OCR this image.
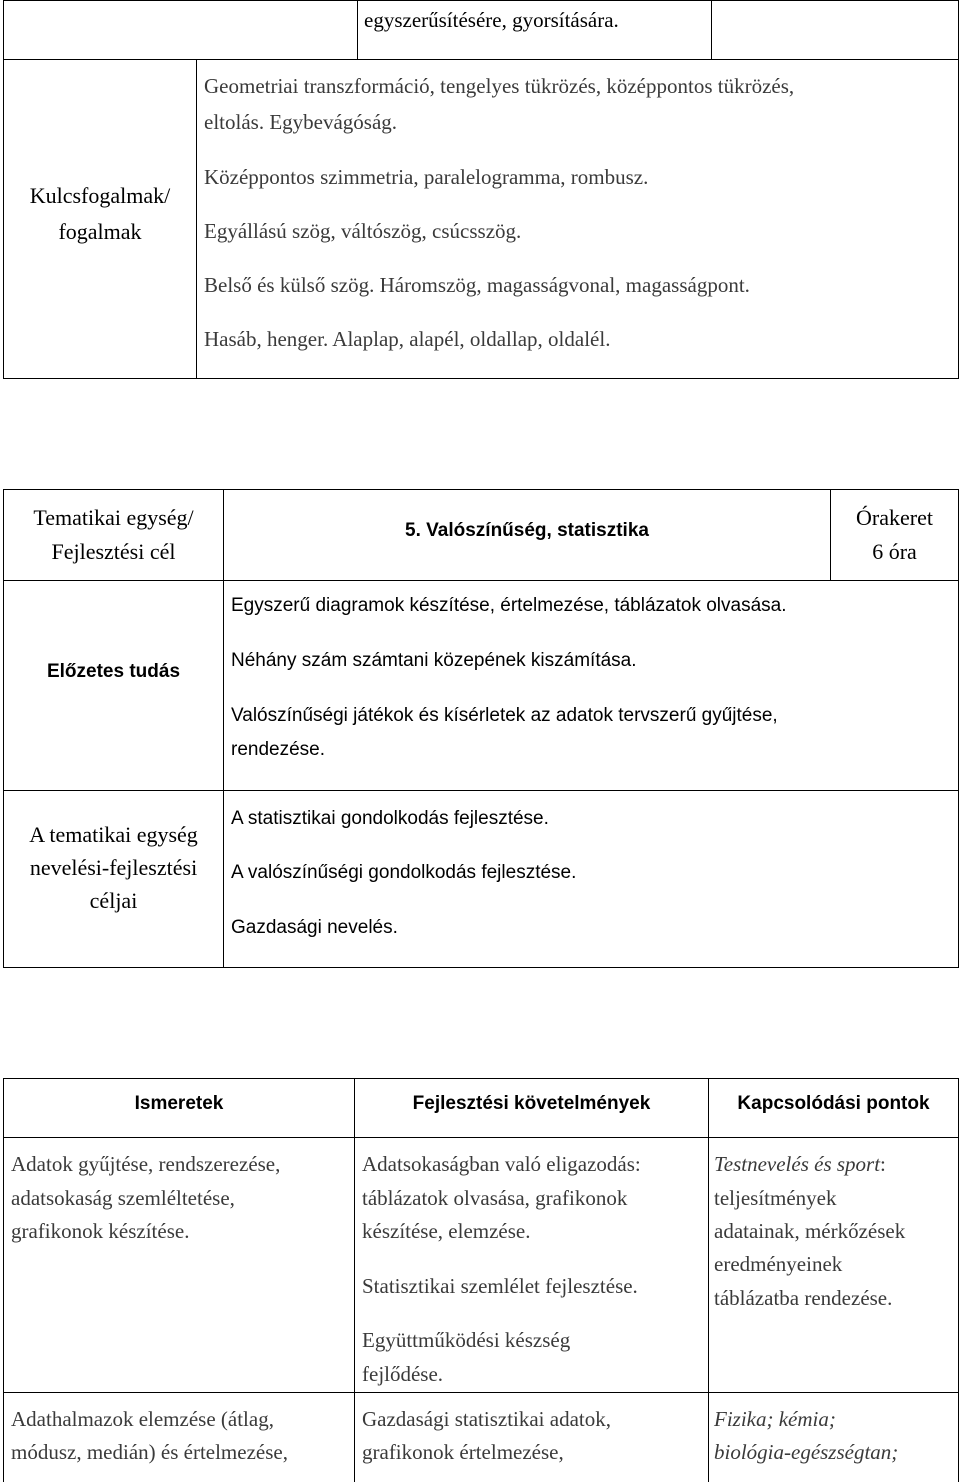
egyszerűsítésére, gyorsítására.
Kulcsfogalmak/
fogalmak
Geometriai transzformáció, tengelyes tükrözés, középpontos tükrözés,
eltolás. Egybevágóság.
Középpontos szimmetria, paralelogramma, rombusz.
Egyállású szög, váltószög, csúcsszög.
Belső és külső szög. Háromszög, magasságvonal, magasságpont.
Hasáb, henger. Alaplap, alapél, oldallap, oldalél.
Tematikai egység/
Fejlesztési cél
5. Valószínűség, statisztika
Órakeret
6 óra
Előzetes tudás
Egyszerű diagramok készítése, értelmezése, táblázatok olvasása.
Néhány szám számtani közepének kiszámítása.
Valószínűségi játékok és kísérletek az adatok tervszerű gyűjtése,
rendezése.
A tematikai egység
nevelési-fejlesztési
céljai
A statisztikai gondolkodás fejlesztése.
A valószínűségi gondolkodás fejlesztése.
Gazdasági nevelés.
Ismeretek	Fejlesztési követelmények	Kapcsolódási pontok
Adatok gyűjtése, rendszerezése,
adatsokaság szemléltetése,
grafikonok készítése.
Adatsokaságban való eligazodás:
táblázatok olvasása, grafikonok
készítése, elemzése.
Statisztikai szemlélet fejlesztése.
Együttműködési készség
fejlődése.
Testnevelés és sport:
teljesítmények
adatainak, mérkőzések
eredményeinek
táblázatba rendezése.
Adathalmazok elemzése (átlag,
módusz, medián) és értelmezése,
Gazdasági statisztikai adatok,
grafikonok értelmezése,
Fizika; kémia;
biológia-egészségtan;
